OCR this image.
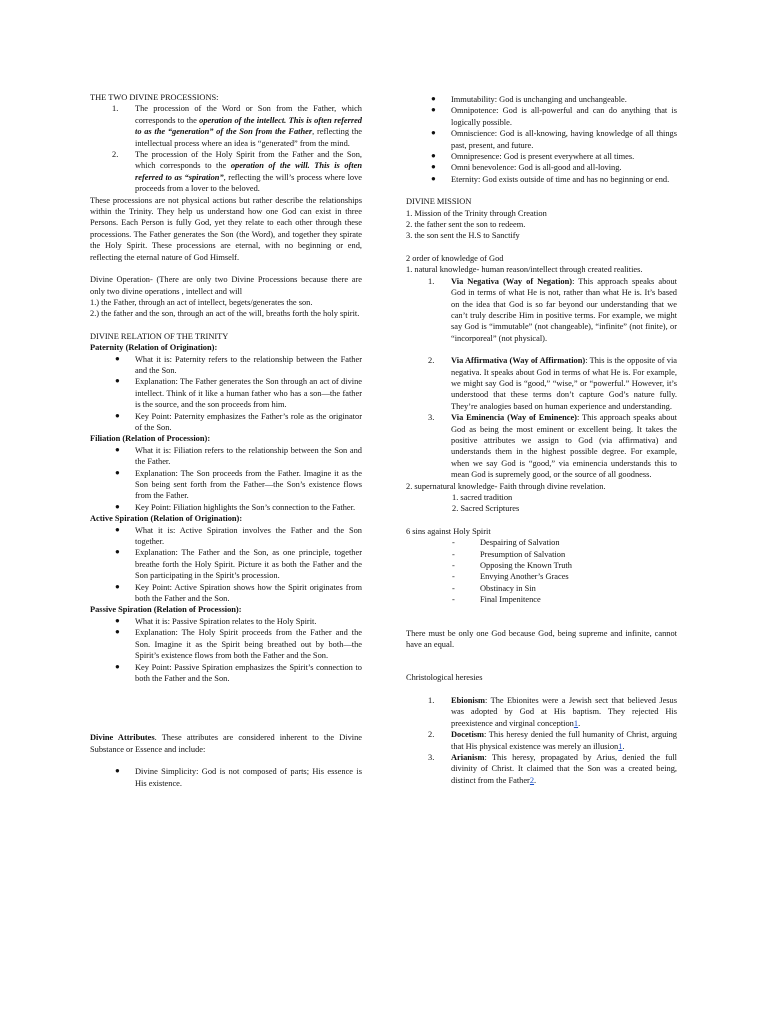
THE TWO DIVINE PROCESSIONS:

1. The procession of the Word or Son from the Father, which corresponds to the operation of the intellect. This is often referred to as the “generation” of the Son from the Father, reflecting the intellectual process where an idea is “generated” from the mind.
2. The procession of the Holy Spirit from the Father and the Son, which corresponds to the operation of the will. This is often referred to as “spiration”, reflecting the will’s process where love proceeds from a lover to the beloved.

These processions are not physical actions but rather describe the relationships within the Trinity. They help us understand how one God can exist in three Persons. Each Person is fully God, yet they relate to each other through these processions. The Father generates the Son (the Word), and together they spirate the Holy Spirit. These processions are eternal, with no beginning or end, reflecting the eternal nature of God Himself.

Divine Operation- (There are only two Divine Processions because there are only two divine operations , intellect and will

1.) the Father, through an act of intellect, begets/generates the son.

2.) the father and the son, through an act of the will, breaths forth the holy spirit.

DIVINE RELATION OF THE TRINITY

Paternity (Relation of Origination):

● What it is: Paternity refers to the relationship between the Father and the Son.
● Explanation: The Father generates the Son through an act of divine intellect. Think of it like a human father who has a son—the father is the source, and the son proceeds from him.
● Key Point: Paternity emphasizes the Father’s role as the originator of the Son.

Filiation (Relation of Procession):

● What it is: Filiation refers to the relationship between the Son and the Father.
● Explanation: The Son proceeds from the Father. Imagine it as the Son being sent forth from the Father—the Son’s existence flows from the Father.
● Key Point: Filiation highlights the Son’s connection to the Father.

Active Spiration (Relation of Origination):

● What it is: Active Spiration involves the Father and the Son together.
● Explanation: The Father and the Son, as one principle, together breathe forth the Holy Spirit. Picture it as both the Father and the Son participating in the Spirit’s procession.
● Key Point: Active Spiration shows how the Spirit originates from both the Father and the Son.

Passive Spiration (Relation of Procession):

● What it is: Passive Spiration relates to the Holy Spirit.
● Explanation: The Holy Spirit proceeds from the Father and the Son. Imagine it as the Spirit being breathed out by both—the Spirit’s existence flows from both the Father and the Son.
● Key Point: Passive Spiration emphasizes the Spirit’s connection to both the Father and the Son.

Divine Attributes. These attributes are considered inherent to the Divine Substance or Essence and include:

● Divine Simplicity: God is not composed of parts; His essence is His existence.
● Immutability: God is unchanging and unchangeable.
● Omnipotence: God is all-powerful and can do anything that is logically possible.
● Omniscience: God is all-knowing, having knowledge of all things past, present, and future.
● Omnipresence: God is present everywhere at all times.
● Omni benevolence: God is all-good and all-loving.
● Eternity: God exists outside of time and has no beginning or end.

DIVINE MISSION

1. Mission of the Trinity through Creation

2. the father sent the son to redeem.

3. the son sent the H.S to Sanctify

2 order of knowledge of God

1. natural knowledge- human reason/intellect through created realities.

1. Via Negativa (Way of Negation): This approach speaks about God in terms of what He is not, rather than what He is. It’s based on the idea that God is so far beyond our understanding that we can’t truly describe Him in positive terms. For example, we might say God is “immutable” (not changeable), “infinite” (not finite), or “incorporeal” (not physical).
2. Via Affirmativa (Way of Affirmation): This is the opposite of via negativa. It speaks about God in terms of what He is. For example, we might say God is “good,” “wise,” or “powerful.” However, it’s understood that these terms don’t capture God’s nature fully. They’re analogies based on human experience and understanding.
3. Via Eminencia (Way of Eminence): This approach speaks about God as being the most eminent or excellent being. It takes the positive attributes we assign to God (via affirmativa) and understands them in the highest possible degree. For example, when we say God is “good,” via eminencia understands this to mean God is supremely good, or the source of all goodness.

2. supernatural knowledge- Faith through divine revelation.

1. sacred tradition

2. Sacred Scriptures

6 sins against Holy Spirit

-	Despairing of Salvation
-	Presumption of Salvation
-	Opposing the Known Truth
-	Envying Another’s Graces
-	Obstinacy in Sin
-	Final Impenitence

There must be only one God because God, being supreme and infinite, cannot have an equal.

Christological heresies

1. Ebionism: The Ebionites were a Jewish sect that believed Jesus was adopted by God at His baptism. They rejected His preexistence and virginal conception1.
2. Docetism: This heresy denied the full humanity of Christ, arguing that His physical existence was merely an illusion1.
3. Arianism: This heresy, propagated by Arius, denied the full divinity of Christ. It claimed that the Son was a created being, distinct from the Father2.
